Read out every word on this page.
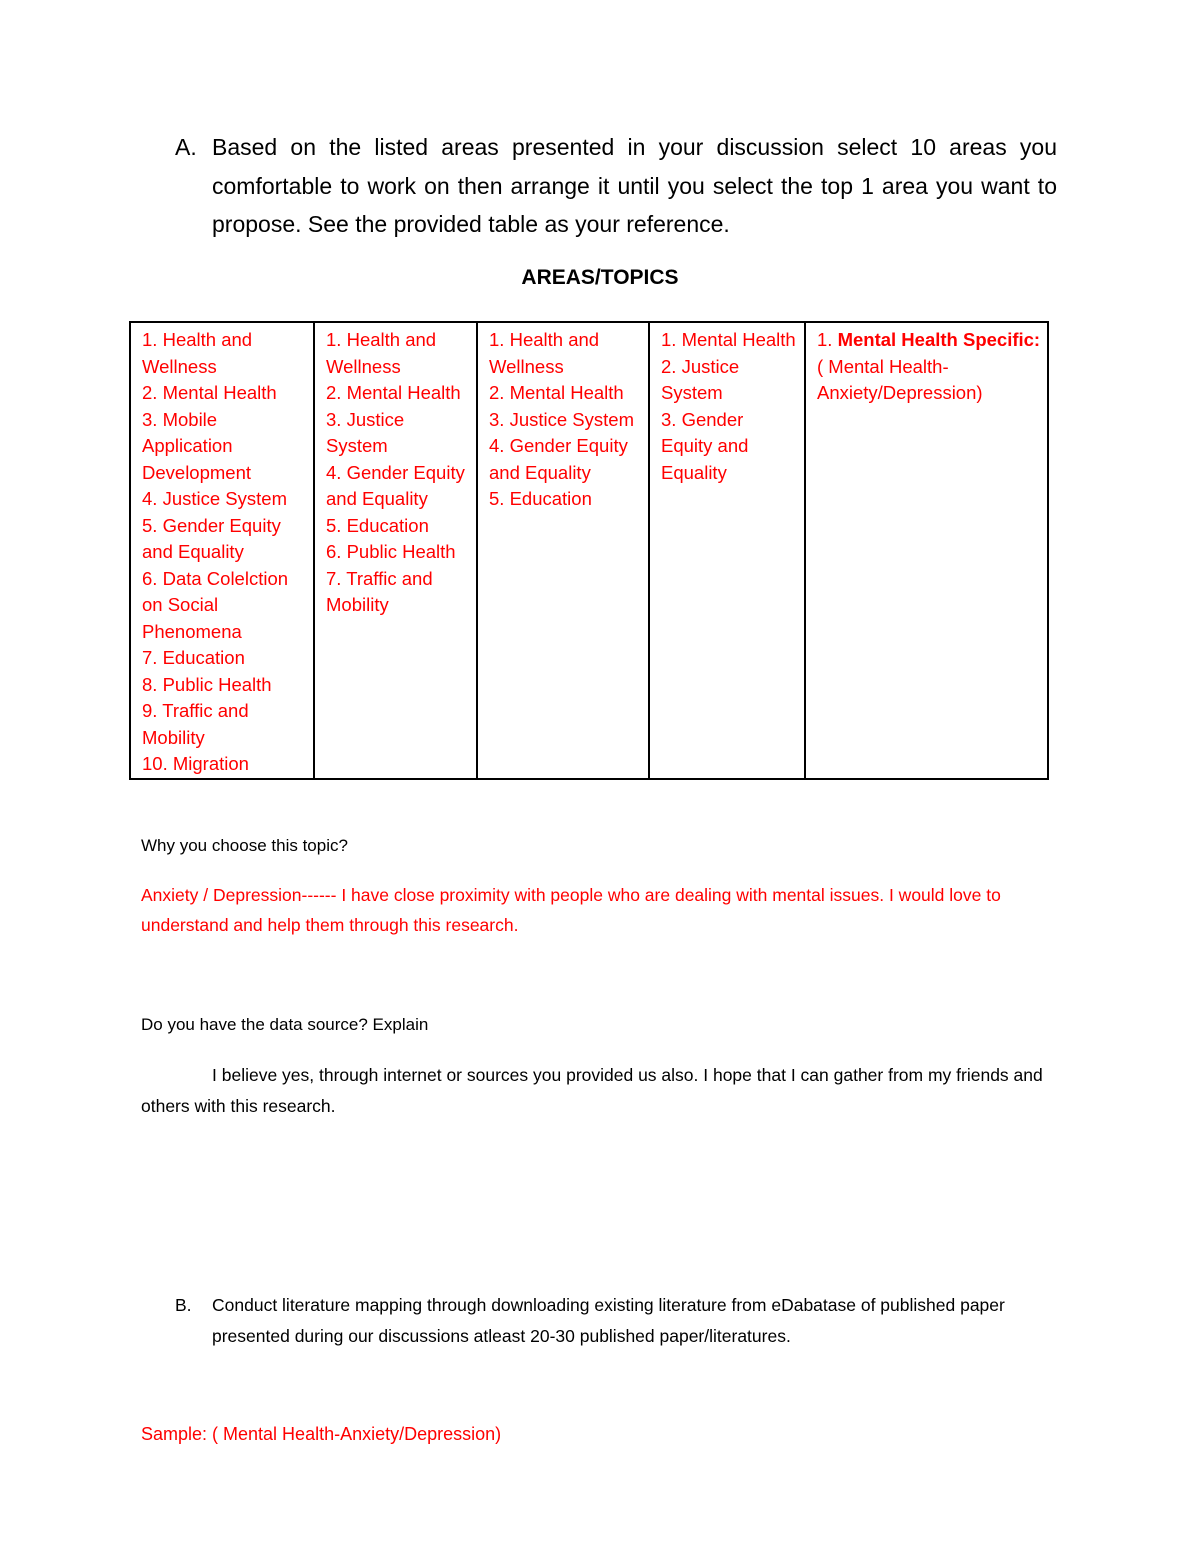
A. Based on the listed areas presented in your discussion select 10 areas you comfortable to work on then arrange it until you select the top 1 area you want to propose. See the provided table as your reference.
AREAS/TOPICS
1. Health and Wellness
2. Mental Health
3. Mobile Application Development
4. Justice System
5. Gender Equity and Equality
6. Data Colelction on Social Phenomena
7. Education
8. Public Health
9. Traffic and Mobility
10. Migration

1. Health and Wellness
2. Mental Health
3. Justice System
4. Gender Equity and Equality
5. Education
6. Public Health
7. Traffic and Mobility

1. Health and Wellness
2. Mental Health
3. Justice System
4. Gender Equity and Equality
5. Education

1. Mental Health
2. Justice System
3. Gender Equity and Equality

1. Mental Health Specific:
( Mental Health-Anxiety/Depression)
Why you choose this topic?
Anxiety / Depression------ I have close proximity with people who are dealing with mental issues. I would love to understand and help them through this research.
Do you have the data source? Explain
I believe yes, through internet or sources you provided us also. I hope that I can gather from my friends and others with this research.
B. Conduct literature mapping through downloading existing literature from eDabatase of published paper presented during our discussions atleast 20-30 published paper/literatures.
Sample: ( Mental Health-Anxiety/Depression)
